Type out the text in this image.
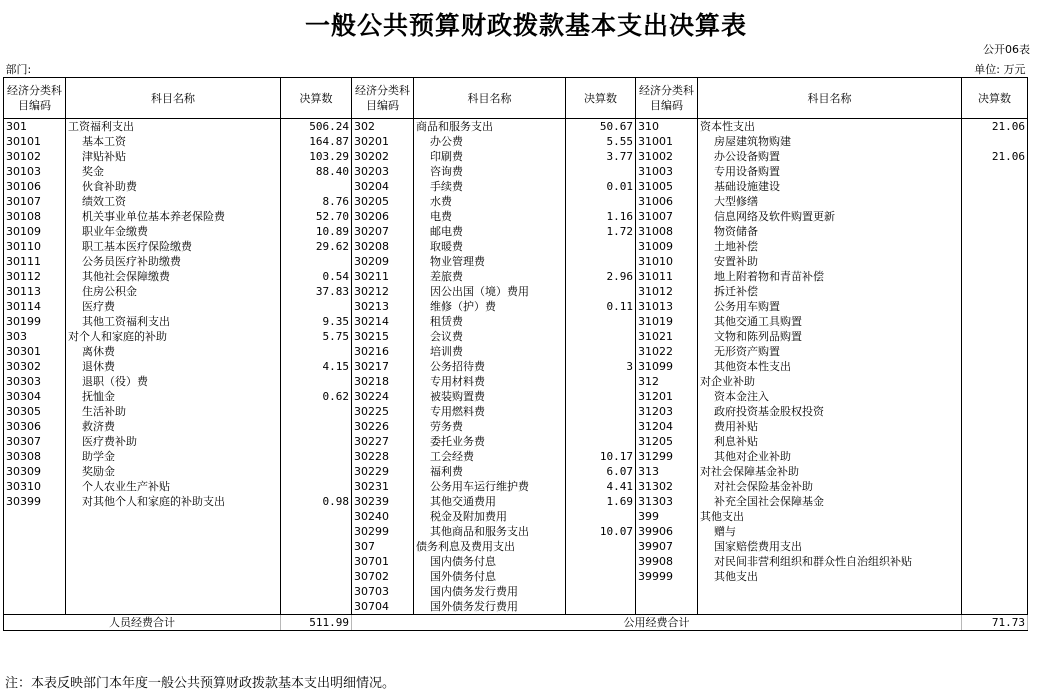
一般公共预算财政拨款基本支出决算表
公开06表
部门:							单位: 万元	
经济分类科目编码	科目名称	决算数	经济分类科目编码	科目名称	决算数	经济分类科目编码	科目名称	决算数
301	工资福利支出	506.24	302	商品和服务支出	50.67	310	资本性支出	21.06
30101	基本工资	164.87	30201	办公费	5.55	31001	房屋建筑物购建	
30102	津贴补贴	103.29	30202	印刷费	3.77	31002	办公设备购置	21.06
30103	奖金	88.40	30203	咨询费		31003	专用设备购置	
30106	伙食补助费		30204	手续费	0.01	31005	基础设施建设	
30107	绩效工资	8.76	30205	水费		31006	大型修缮	
30108	机关事业单位基本养老保险费	52.70	30206	电费	1.16	31007	信息网络及软件购置更新	
30109	职业年金缴费	10.89	30207	邮电费	1.72	31008	物资储备	
30110	职工基本医疗保险缴费	29.62	30208	取暖费		31009	土地补偿	
30111	公务员医疗补助缴费		30209	物业管理费		31010	安置补助	
30112	其他社会保障缴费	0.54	30211	差旅费	2.96	31011	地上附着物和青苗补偿	
30113	住房公积金	37.83	30212	因公出国（境）费用		31012	拆迁补偿	
30114	医疗费		30213	维修（护）费	0.11	31013	公务用车购置	
30199	其他工资福利支出	9.35	30214	租赁费		31019	其他交通工具购置	
303	对个人和家庭的补助	5.75	30215	会议费		31021	文物和陈列品购置	
30301	离休费		30216	培训费		31022	无形资产购置	
30302	退休费	4.15	30217	公务招待费	3	31099	其他资本性支出	
30303	退职（役）费		30218	专用材料费		312	对企业补助	
30304	抚恤金	0.62	30224	被装购置费		31201	资本金注入	
30305	生活补助		30225	专用燃料费		31203	政府投资基金股权投资	
30306	救济费		30226	劳务费		31204	费用补贴	
30307	医疗费补助		30227	委托业务费		31205	利息补贴	
30308	助学金		30228	工会经费	10.17	31299	其他对企业补助	
30309	奖励金		30229	福利费	6.07	313	对社会保障基金补助	
30310	个人农业生产补贴		30231	公务用车运行维护费	4.41	31302	对社会保险基金补助	
30399	对其他个人和家庭的补助支出	0.98	30239	其他交通费用	1.69	31303	补充全国社会保障基金	
			30240	税金及附加费用		399	其他支出	
			30299	其他商品和服务支出	10.07	39906	赠与	
			307	债务利息及费用支出		39907	国家赔偿费用支出	
			30701	国内债务付息		39908	对民间非营利组织和群众性自治组织补贴	
			30702	国外债务付息		39999	其他支出	
			30703	国内债务发行费用				
			30704	国外债务发行费用				
人员经费合计		511.99	公用经费合计					71.73
注：本表反映部门本年度一般公共预算财政拨款基本支出明细情况。
